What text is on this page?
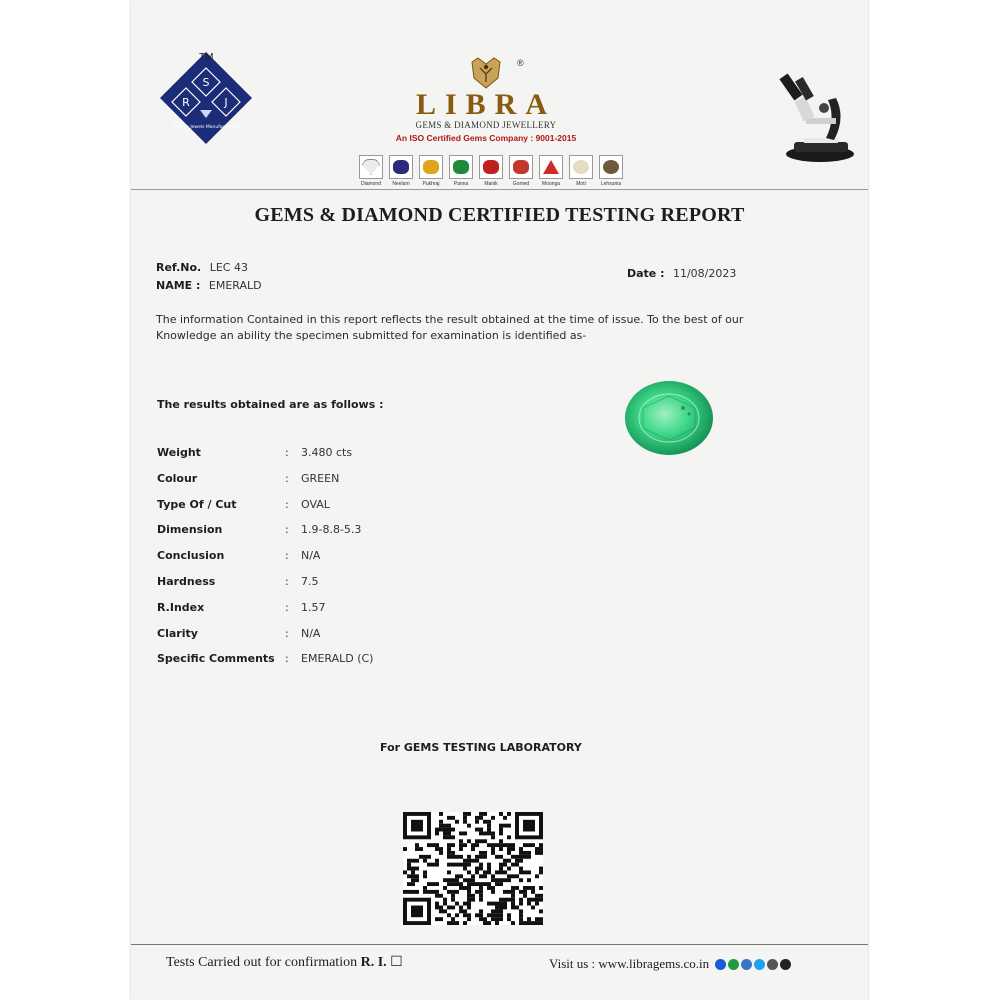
S
R	J
Remus Jewels Manufacturers
TM
LIBRA
GEMS & DIAMOND JEWELLERY
An ISO Certified Gems Company : 9001-2015
®
Diamond Neelam	Pukhraj	Panna	Manik	Gomed	Moonga	Moti	Lehsunia
GEMS & DIAMOND CERTIFIED TESTING REPORT
Ref.No. LEC 43
NAME : EMERALD
Date : 11/08/2023
The information Contained in this report reflects the result obtained at the time of issue. To the best of our
Knowledge an ability the specimen submitted for examination is identified as-
The results obtained are as follows :
Weight	: 3.480 cts
Colour	: GREEN
Type Of / Cut	: OVAL
Dimension	: 1.9-8.8-5.3
Conclusion	: N/A
Hardness	: 7.5
R.Index	: 1.57
Clarity	: N/A
Specific Comments : EMERALD (C)
For GEMS TESTING LABORATORY
Tests Carried out for confirmation R. I. ☐	Visit us : www.libragems.co.in
